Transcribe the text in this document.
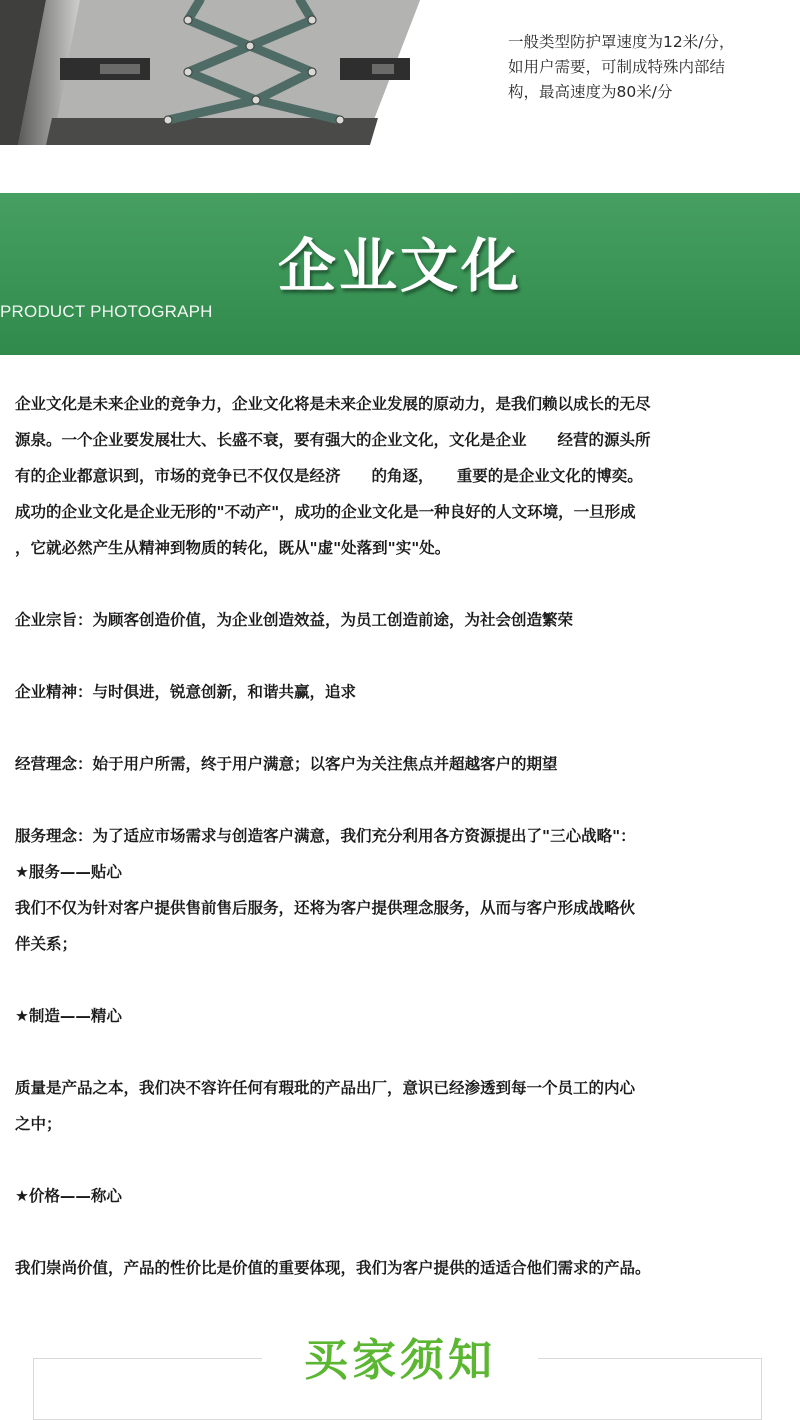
一般类型防护罩速度为12米/分，
如用户需要，可制成特殊内部结
构，最高速度为80米/分

企业文化

PRODUCT PHOTOGRAPH

企业文化是未来企业的竞争力，企业文化将是未来企业发展的原动力，是我们赖以成长的无尽

源泉。一个企业要发展壮大、长盛不衰，要有强大的企业文化，文化是企业　　经营的源头所

有的企业都意识到，市场的竞争已不仅仅是经济　　的角逐，　　重要的是企业文化的博奕。

成功的企业文化是企业无形的"不动产"，成功的企业文化是一种良好的人文环境，一旦形成

，它就必然产生从精神到物质的转化，既从"虚"处落到"实"处。

企业宗旨：为顾客创造价值，为企业创造效益，为员工创造前途，为社会创造繁荣

企业精神：与时俱进，锐意创新，和谐共赢，追求

经营理念：始于用户所需，终于用户满意；以客户为关注焦点并超越客户的期望

服务理念：为了适应市场需求与创造客户满意，我们充分利用各方资源提出了"三心战略"：

★服务——贴心

我们不仅为针对客户提供售前售后服务，还将为客户提供理念服务，从而与客户形成战略伙

伴关系；

★制造——精心

质量是产品之本，我们决不容许任何有瑕玭的产品出厂，意识已经渗透到每一个员工的内心

之中；

★价格——称心

我们崇尚价值，产品的性价比是价值的重要体现，我们为客户提供的适适合他们需求的产品。

买家须知
